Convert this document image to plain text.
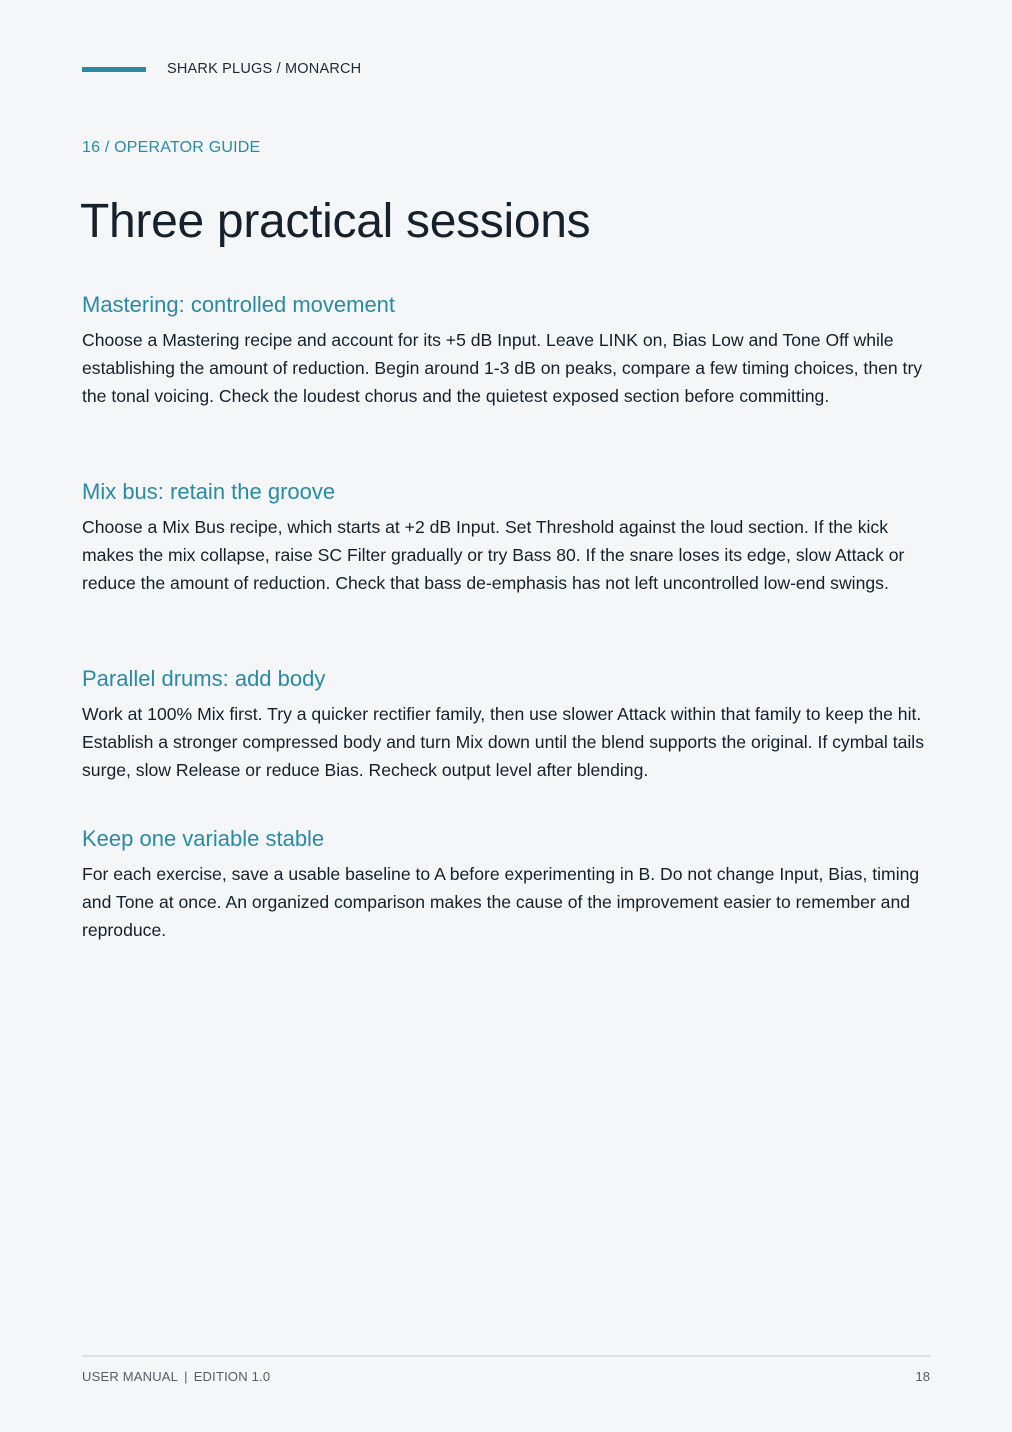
SHARK PLUGS / MONARCH
16 / OPERATOR GUIDE
Three practical sessions
Mastering: controlled movement

Choose a Mastering recipe and account for its +5 dB Input. Leave LINK on, Bias Low and Tone Off while establishing the amount of reduction. Begin around 1-3 dB on peaks, compare a few timing choices, then try the tonal voicing. Check the loudest chorus and the quietest exposed section before committing.

Mix bus: retain the groove

Choose a Mix Bus recipe, which starts at +2 dB Input. Set Threshold against the loud section. If the kick makes the mix collapse, raise SC Filter gradually or try Bass 80. If the snare loses its edge, slow Attack or reduce the amount of reduction. Check that bass de-emphasis has not left uncontrolled low-end swings.

Parallel drums: add body

Work at 100% Mix first. Try a quicker rectifier family, then use slower Attack within that family to keep the hit. Establish a stronger compressed body and turn Mix down until the blend supports the original. If cymbal tails surge, slow Release or reduce Bias. Recheck output level after blending.

Keep one variable stable

For each exercise, save a usable baseline to A before experimenting in B. Do not change Input, Bias, timing and Tone at once. An organized comparison makes the cause of the improvement easier to remember and reproduce.

USER MANUAL | EDITION 1.0	18
